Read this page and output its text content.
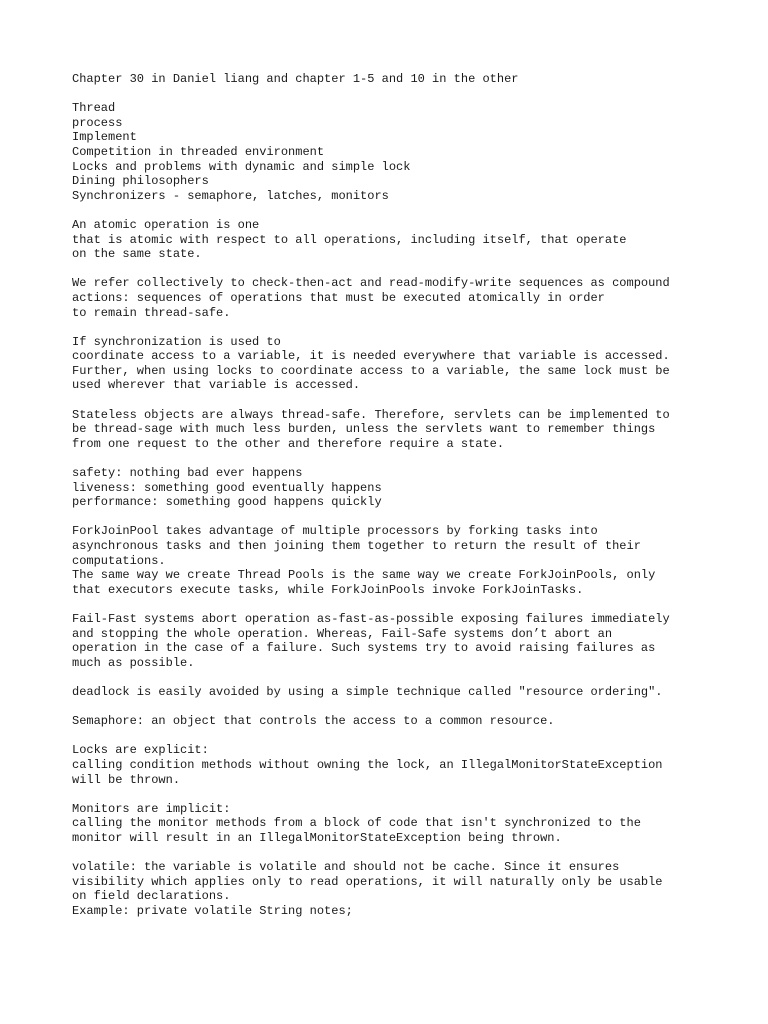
Chapter 30 in Daniel liang and chapter 1-5 and 10 in the other
Thread
process
Implement
Competition in threaded environment
Locks and problems with dynamic and simple lock
Dining philosophers
Synchronizers - semaphore, latches, monitors
An atomic operation is one
that is atomic with respect to all operations, including itself, that operate
on the same state.
We refer collectively to check-then-act and read-modify-write sequences as compound
actions: sequences of operations that must be executed atomically in order
to remain thread-safe.
If synchronization is used to
coordinate access to a variable, it is needed everywhere that variable is accessed.
Further, when using locks to coordinate access to a variable, the same lock must be
used wherever that variable is accessed.
Stateless objects are always thread-safe. Therefore, servlets can be implemented to
be thread-sage with much less burden, unless the servlets want to remember things
from one request to the other and therefore require a state.
safety: nothing bad ever happens
liveness: something good eventually happens
performance: something good happens quickly
ForkJoinPool takes advantage of multiple processors by forking tasks into
asynchronous tasks and then joining them together to return the result of their
computations.
The same way we create Thread Pools is the same way we create ForkJoinPools, only
that executors execute tasks, while ForkJoinPools invoke ForkJoinTasks.
Fail-Fast systems abort operation as-fast-as-possible exposing failures immediately
and stopping the whole operation. Whereas, Fail-Safe systems don’t abort an
operation in the case of a failure. Such systems try to avoid raising failures as
much as possible.
deadlock is easily avoided by using a simple technique called "resource ordering".
Semaphore: an object that controls the access to a common resource.
Locks are explicit:
calling condition methods without owning the lock, an IllegalMonitorStateException
will be thrown.
Monitors are implicit:
calling the monitor methods from a block of code that isn't synchronized to the
monitor will result in an IllegalMonitorStateException being thrown.
volatile: the variable is volatile and should not be cache. Since it ensures
visibility which applies only to read operations, it will naturally only be usable
on field declarations.
Example: private volatile String notes;
